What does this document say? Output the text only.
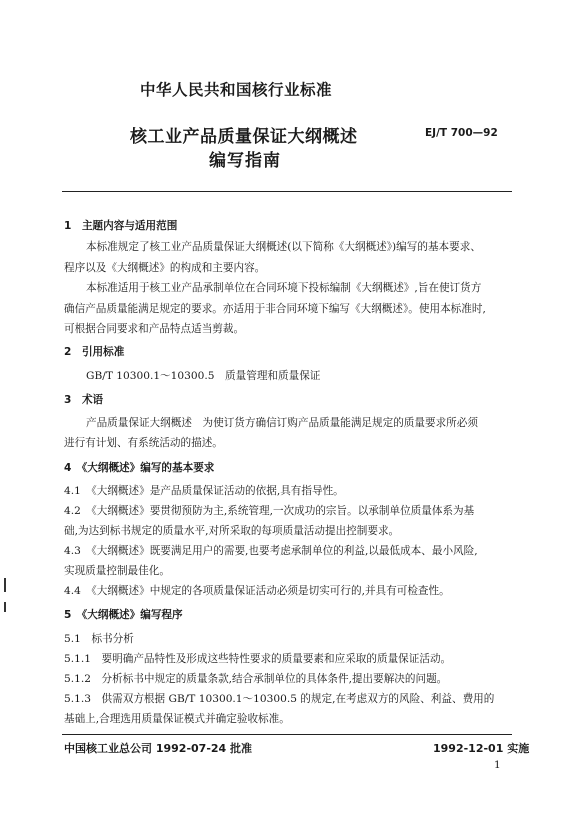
中华人民共和国核行业标准
核工业产品质量保证大纲概述
编写指南
EJ/T 700—92
1　主题内容与适用范围
本标准规定了核工业产品质量保证大纲概述(以下简称《大纲概述》)编写的基本要求、
程序以及《大纲概述》的构成和主要内容。
本标准适用于核工业产品承制单位在合同环境下投标编制《大纲概述》,旨在使订货方
确信产品质量能满足规定的要求。亦适用于非合同环境下编写《大纲概述》。使用本标准时,
可根据合同要求和产品特点适当剪裁。
2　引用标准
GB/T 10300.1～10300.5　质量管理和质量保证
3　术语
产品质量保证大纲概述　为使订货方确信订购产品质量能满足规定的质量要求所必须
进行有计划、有系统活动的描述。
4　《大纲概述》编写的基本要求
4.1　《大纲概述》是产品质量保证活动的依据,具有指导性。
4.2　《大纲概述》要贯彻预防为主,系统管理,一次成功的宗旨。以承制单位质量体系为基
础,为达到标书规定的质量水平,对所采取的每项质量活动提出控制要求。
4.3　《大纲概述》既要满足用户的需要,也要考虑承制单位的利益,以最低成本、最小风险,
实现质量控制最佳化。
4.4　《大纲概述》中规定的各项质量保证活动必须是切实可行的,并具有可检查性。
5　《大纲概述》编写程序
5.1　标书分析
5.1.1　要明确产品特性及形成这些特性要求的质量要素和应采取的质量保证活动。
5.1.2　分析标书中规定的质量条款,结合承制单位的具体条件,提出要解决的问题。
5.1.3　供需双方根据 GB/T 10300.1～10300.5 的规定,在考虑双方的风险、利益、费用的
基础上,合理选用质量保证模式并确定验收标准。
中国核工业总公司 1992-07-24 批准	1992-12-01 实施
1
